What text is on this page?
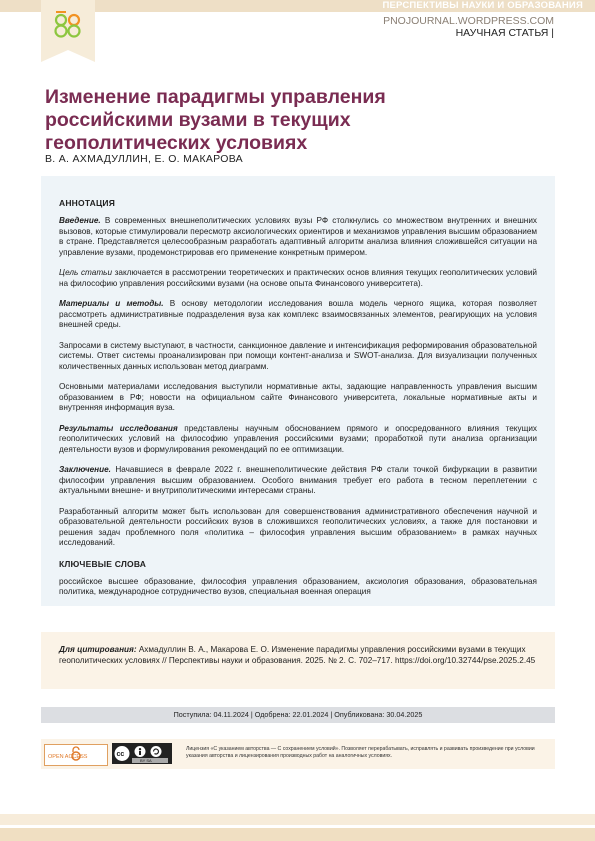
ПЕРСПЕКТИВЫ НАУКИ И ОБРАЗОВАНИЯ
PNOJOURNAL.WORDPRESS.COM
НАУЧНАЯ СТАТЬЯ |
Изменение парадигмы управления российскими вузами в текущих геополитических условиях
В. А. АХМАДУЛЛИН, Е. О. МАКАРОВА
АННОТАЦИЯ

Введение. В современных внешнеполитических условиях вузы РФ столкнулись со множеством внутренних и внешних вызовов, которые стимулировали пересмотр аксиологических ориентиров и механизмов управления высшим образованием в стране. Представляется целесообразным разработать адаптивный алгоритм анализа влияния сложившейся ситуации на управление вузами, продемонстрировав его применение конкретным примером.

Цель статьи заключается в рассмотрении теоретических и практических основ влияния текущих геополитических условий на философию управления российскими вузами (на основе опыта Финансового университета).

Материалы и методы. В основу методологии исследования вошла модель черного ящика, которая позволяет рассмотреть административные подразделения вуза как комплекс взаимосвязанных элементов, реагирующих на условия внешней среды.

Запросами в систему выступают, в частности, санкционное давление и интенсификация реформирования образовательной системы. Ответ системы проанализирован при помощи контент-анализа и SWOT-анализа. Для визуализации полученных количественных данных использован метод диаграмм.

Основными материалами исследования выступили нормативные акты, задающие направленность управления высшим образованием в РФ; новости на официальном сайте Финансового университета, локальные нормативные акты и внутренняя информация вуза.

Результаты исследования представлены научным обоснованием прямого и опосредованного влияния текущих геополитических условий на философию управления российскими вузами; проработкой пути анализа организации деятельности вузов и формулирования рекомендаций по ее оптимизации.

Заключение. Начавшиеся в феврале 2022 г. внешнеполитические действия РФ стали точкой бифуркации в развитии философии управления высшим образованием. Особого внимания требует его работа в тесном переплетении с актуальными внешне- и внутриполитическими интересами страны.

Разработанный алгоритм может быть использован для совершенствования административного обеспечения научной и образовательной деятельности российских вузов в сложившихся геополитических условиях, а также для постановки и решения задач проблемного поля «политика – философия управления высшим образованием» в рамках научных исследований.

КЛЮЧЕВЫЕ СЛОВА

российское высшее образование, философия управления образованием, аксиология образования, образовательная политика, международное сотрудничество вузов, специальная военная операция

Для цитирования: Ахмадуллин В. А., Макарова Е. О. Изменение парадигмы управления российскими вузами в текущих геополитических условиях // Перспективы науки и образования. 2025. № 2. С. 702–717. https://doi.org/10.32744/pse.2025.2.45
Поступила: 04.11.2024 | Одобрена: 22.01.2024 | Опубликована: 30.04.2025
OPEN ACCESS	cc
BY SA
Лицензия «С указанием авторства — С сохранением условий». Позволяет перерабатывать, исправлять и развивать произведение при условии указания авторства и лицензирования производных работ на аналогичных условиях.
